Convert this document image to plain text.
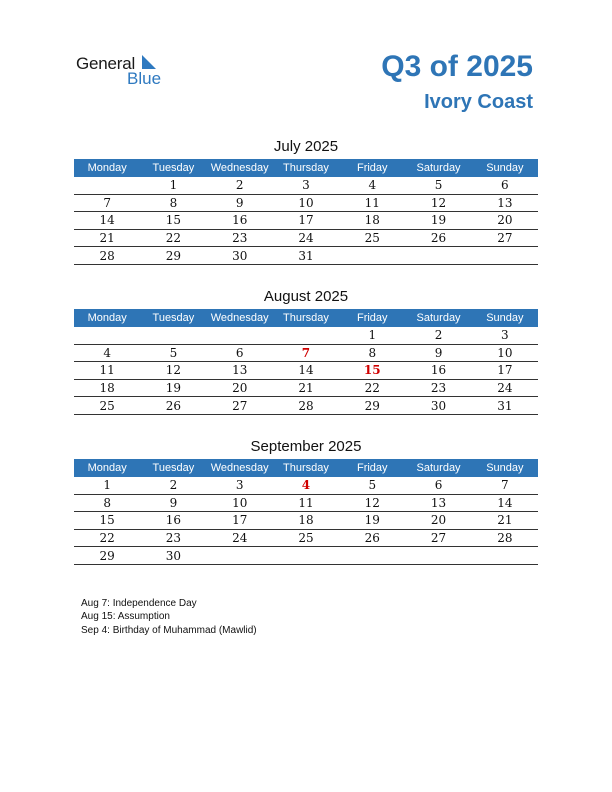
General
Blue	Q3 of 2025
Ivory Coast
July 2025
Monday	Tuesday	Wednesday	Thursday	Friday	Saturday	Sunday
	1	2	3	4	5	6
7	8	9	10	11	12	13
14	15	16	17	18	19	20
21	22	23	24	25	26	27
28	29	30	31			
August 2025
Monday	Tuesday	Wednesday	Thursday	Friday	Saturday	Sunday
				1	2	3
4	5	6	7	8	9	10
11	12	13	14	15	16	17
18	19	20	21	22	23	24
25	26	27	28	29	30	31
September 2025
Monday	Tuesday	Wednesday	Thursday	Friday	Saturday	Sunday
1	2	3	4	5	6	7
8	9	10	11	12	13	14
15	16	17	18	19	20	21
22	23	24	25	26	27	28
29	30					
Aug 7: Independence Day
Aug 15: Assumption
Sep 4: Birthday of Muhammad (Mawlid)
